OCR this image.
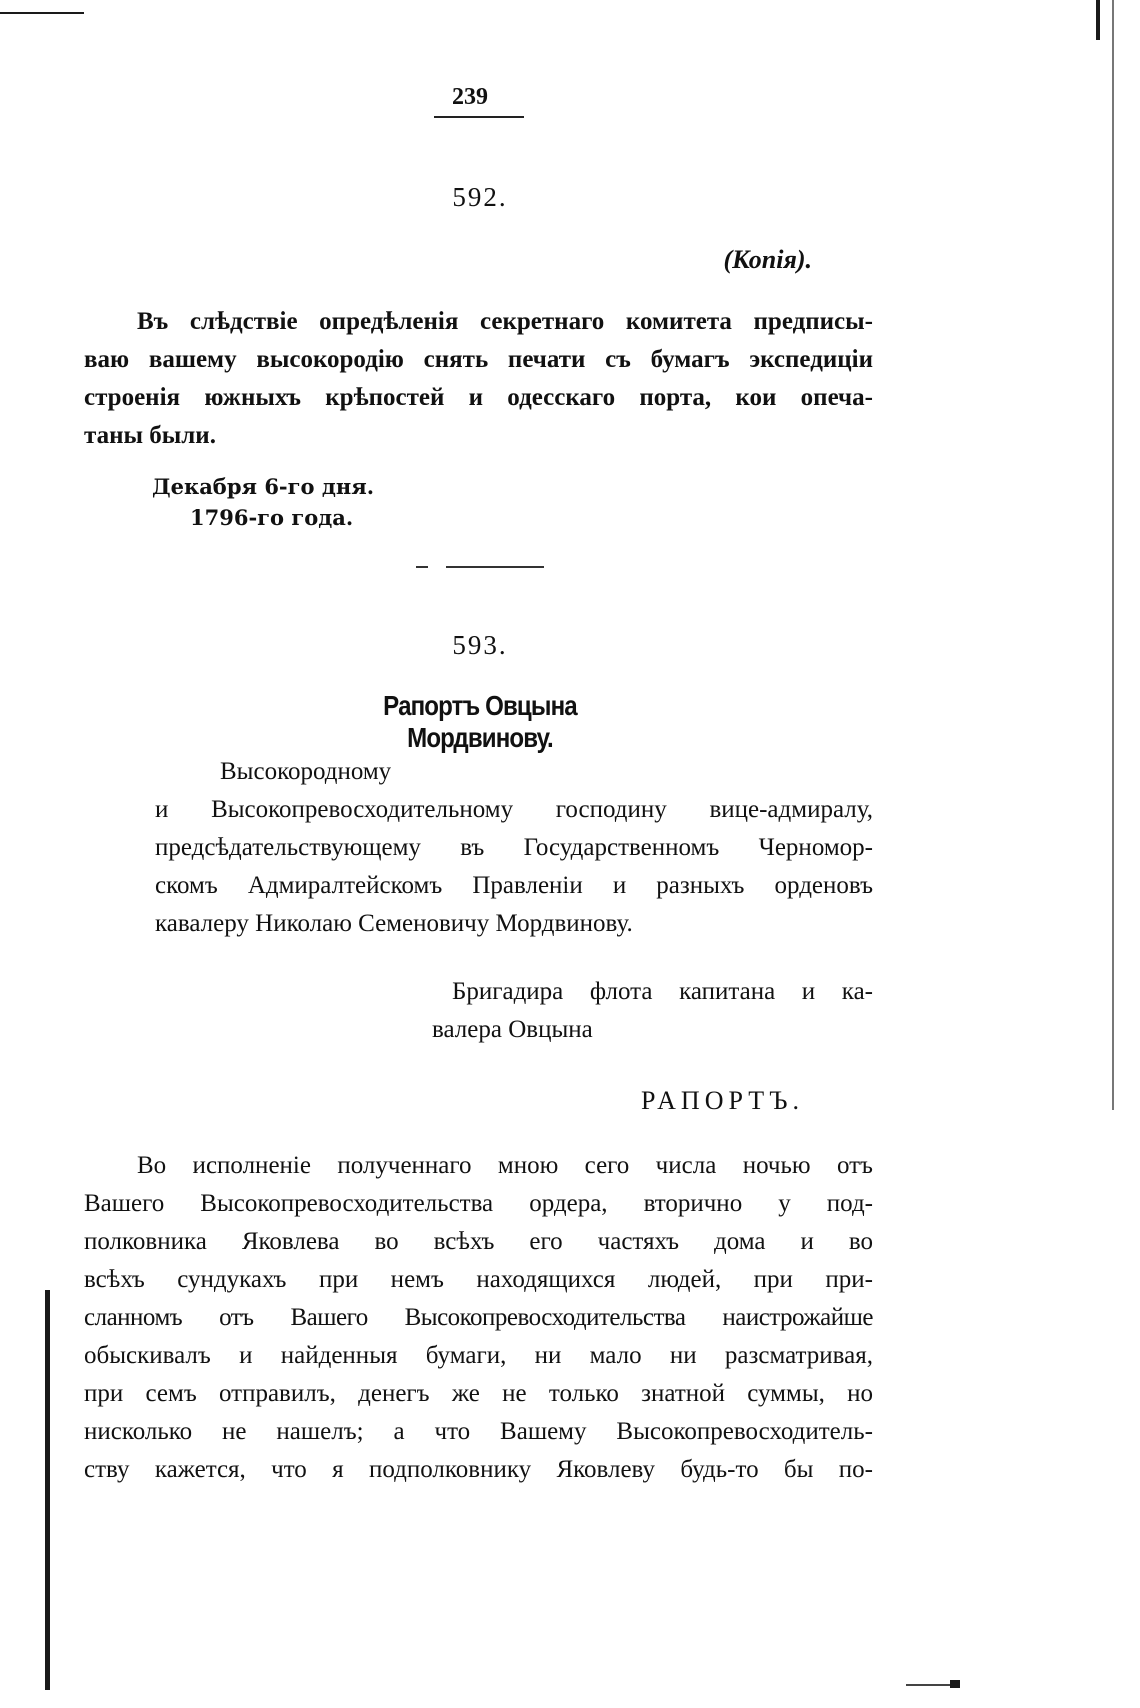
239
592.
(Копія).
Въ слѣдствіе опредѣленія секретнаго комитета предписы-
ваю вашему высокородію снять печати съ бумагъ экспедиціи
строенія южныхъ крѣпостей и одесскаго порта, кои опеча-
таны были.
Декабря 6-го дня.
1796-го года.
593.
Рапортъ Овцына Мордвинову.
Высокородному
и Высокопревосходительному господину вице-адмиралу,
предсѣдательствующему въ Государственномъ Черномор-
скомъ Адмиралтейскомъ Правленіи и разныхъ орденовъ
кавалеру Николаю Семеновичу Мордвинову.
Бригадира флота капитана и ка-
валера Овцына
РАПОРТЪ.
Во исполненіе полученнаго мною сего числа ночью отъ
Вашего Высокопревосходительства ордера, вторично у под-
полковника Яковлева во всѣхъ его частяхъ дома и во
всѣхъ сундукахъ при немъ находящихся людей, при при-
сланномъ отъ Вашего Высокопревосходительства наистрожайше
обыскивалъ и найденныя бумаги, ни мало ни разсматривая,
при семъ отправилъ, денегъ же не только знатной суммы, но
нисколько не нашелъ; а что Вашему Высокопревосходитель-
ству кажется, что я подполковнику Яковлеву будь-то бы по-
